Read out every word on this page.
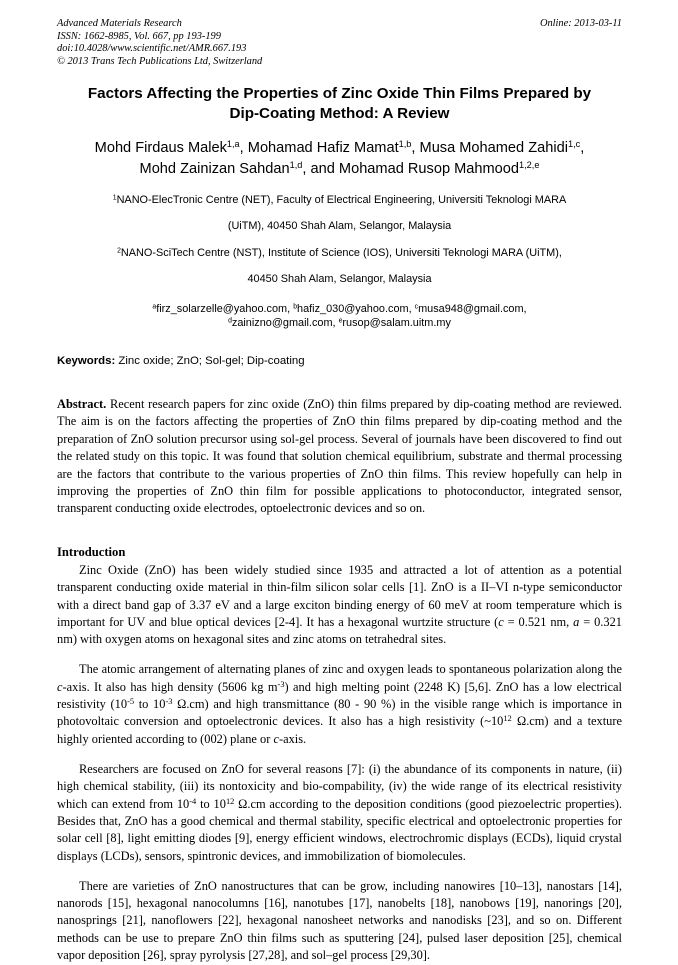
Advanced Materials Research
ISSN: 1662-8985, Vol. 667, pp 193-199
doi:10.4028/www.scientific.net/AMR.667.193
© 2013 Trans Tech Publications Ltd, Switzerland
Online: 2013-03-11
Factors Affecting the Properties of Zinc Oxide Thin Films Prepared by
Dip-Coating Method: A Review
Mohd Firdaus Malek$^{1,a}$, Mohamad Hafiz Mamat$^{1,b}$, Musa Mohamed Zahidi$^{1,c}$,
Mohd Zainizan Sahdan$^{1,d}$, and Mohamad Rusop Mahmood$^{1,2,e}$
$^1$NANO-ElecTronic Centre (NET), Faculty of Electrical Engineering, Universiti Teknologi MARA
(UiTM), 40450 Shah Alam, Selangor, Malaysia
$^2$NANO-SciTech Centre (NST), Institute of Science (IOS), Universiti Teknologi MARA (UiTM),
40450 Shah Alam, Selangor, Malaysia
$^a$firz_solarzelle@yahoo.com, $^b$hafiz_030@yahoo.com, $^c$musa948@gmail.com,
$^d$zainizno@gmail.com, $^e$rusop@salam.uitm.my
Keywords: Zinc oxide; ZnO; Sol-gel; Dip-coating
Abstract. Recent research papers for zinc oxide (ZnO) thin films prepared by dip-coating method are reviewed. The aim is on the factors affecting the properties of ZnO thin films prepared by dip-coating method and the preparation of ZnO solution precursor using sol-gel process. Several of journals have been discovered to find out the related study on this topic. It was found that solution chemical equilibrium, substrate and thermal processing are the factors that contribute to the various properties of ZnO thin films. This review hopefully can help in improving the properties of ZnO thin film for possible applications to photoconductor, integrated sensor, transparent conducting oxide electrodes, optoelectronic devices and so on.
Introduction

Zinc Oxide (ZnO) has been widely studied since 1935 and attracted a lot of attention as a potential transparent conducting oxide material in thin-film silicon solar cells [1]. ZnO is a II–VI n-type semiconductor with a direct band gap of 3.37 eV and a large exciton binding energy of 60 meV at room temperature which is important for UV and blue optical devices [2-4]. It has a hexagonal wurtzite structure (c = 0.521 nm, a = 0.321 nm) with oxygen atoms on hexagonal sites and zinc atoms on tetrahedral sites.

The atomic arrangement of alternating planes of zinc and oxygen leads to spontaneous polarization along the c-axis. It also has high density (5606 kg $m^{-3}$) and high melting point (2248 K) [5,6]. ZnO has a low electrical resistivity ($10^{-5}$ to $10^{-3}$ Ω.cm) and high transmittance (80 - 90 %) in the visible range which is importance in photovoltaic conversion and optoelectronic devices. It also has a high resistivity ($\sim 10^{12}$ Ω.cm) and a texture highly oriented according to (002) plane or c-axis.

Researchers are focused on ZnO for several reasons [7]: (i) the abundance of its components in nature, (ii) high chemical stability, (iii) its nontoxicity and bio-compability, (iv) the wide range of its electrical resistivity which can extend from $10^{-4}$ to $10^{12}$ Ω.cm according to the deposition conditions (good piezoelectric properties). Besides that, ZnO has a good chemical and thermal stability, specific electrical and optoelectronic properties for solar cell [8], light emitting diodes [9], energy efficient windows, electrochromic displays (ECDs), liquid crystal displays (LCDs), sensors, spintronic devices, and immobilization of biomolecules.

There are varieties of ZnO nanostructures that can be grow, including nanowires [10–13], nanostars [14], nanorods [15], hexagonal nanocolumns [16], nanotubes [17], nanobelts [18], nanobows [19], nanorings [20], nanosprings [21], nanoflowers [22], hexagonal nanosheet networks and nanodisks [23], and so on. Different methods can be use to prepare ZnO thin films such as sputtering [24], pulsed laser deposition [25], chemical vapor deposition [26], spray pyrolysis [27,28], and sol–gel process [29,30].
